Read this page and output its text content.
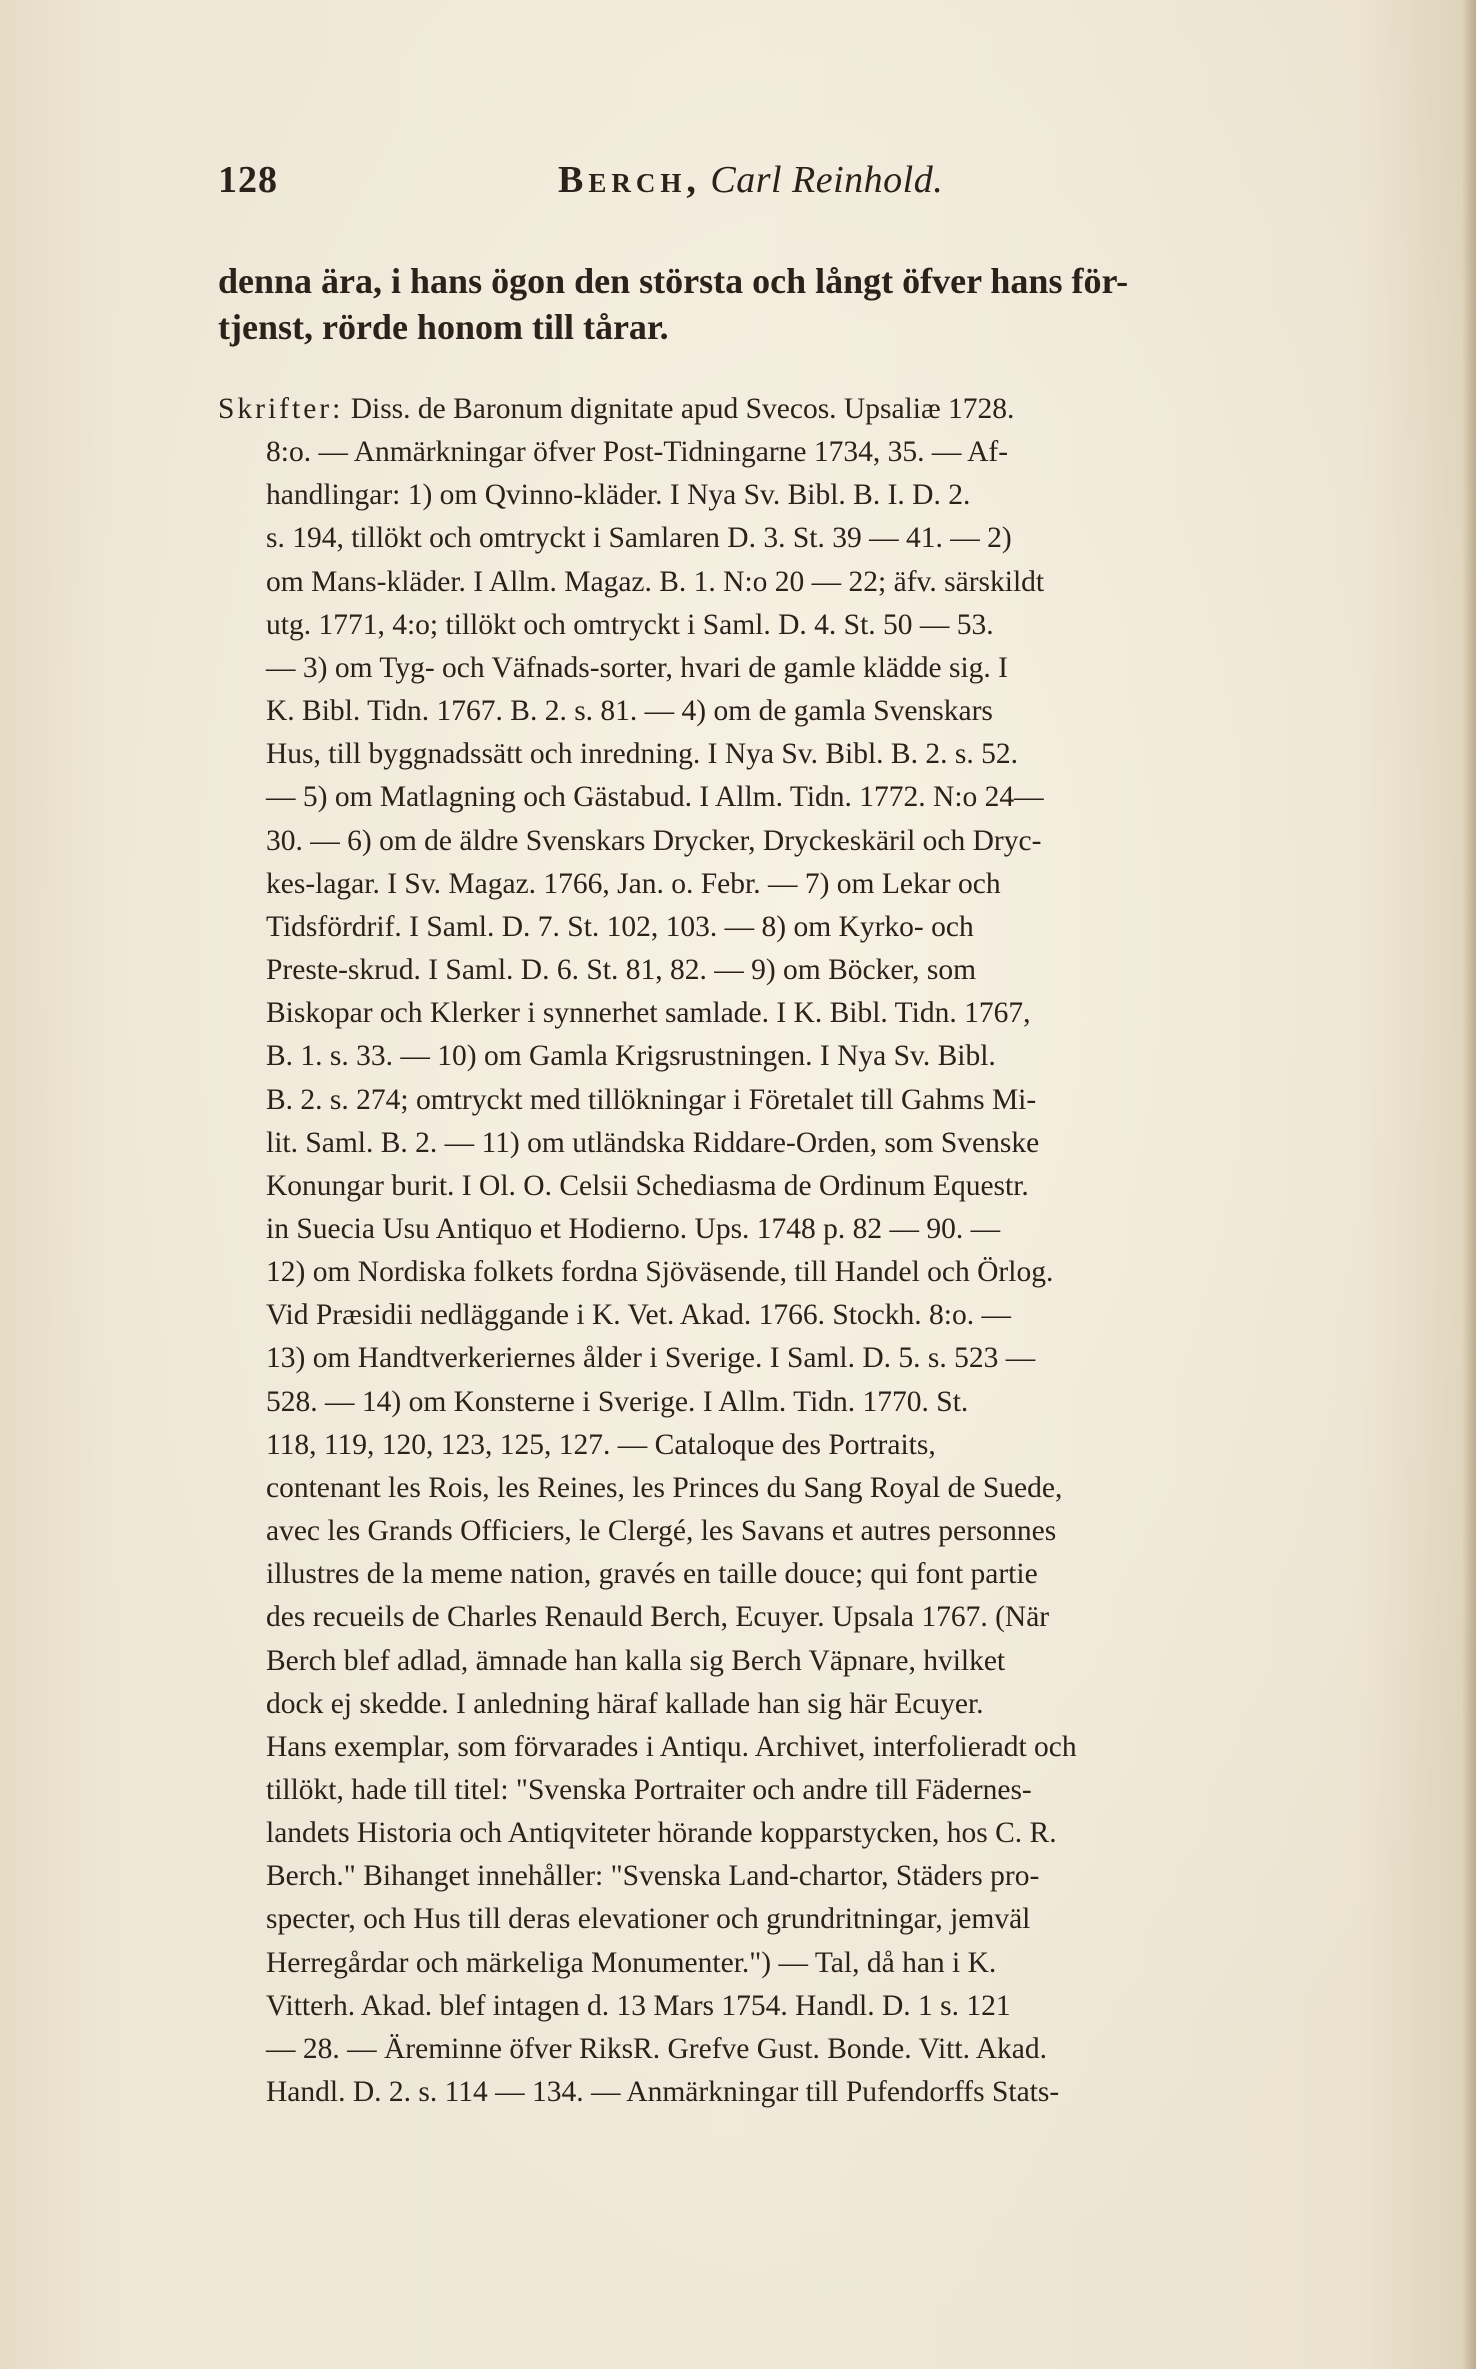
128	Berch, Carl Reinhold.
denna ära, i hans ögon den största och långt öfver hans för-
tjenst, rörde honom till tårar.
Skrifter: Diss. de Baronum dignitate apud Svecos. Upsaliæ 1728.
8:o. — Anmärkningar öfver Post-Tidningarne 1734, 35. — Af-
handlingar: 1) om Qvinno-kläder. I Nya Sv. Bibl. B. I. D. 2.
s. 194, tillökt och omtryckt i Samlaren D. 3. St. 39 — 41. — 2)
om Mans-kläder. I Allm. Magaz. B. 1. N:o 20 — 22; äfv. särskildt
utg. 1771, 4:o; tillökt och omtryckt i Saml. D. 4. St. 50 — 53.
— 3) om Tyg- och Väfnads-sorter, hvari de gamle klädde sig. I
K. Bibl. Tidn. 1767. B. 2. s. 81. — 4) om de gamla Svenskars
Hus, till byggnadssätt och inredning. I Nya Sv. Bibl. B. 2. s. 52.
— 5) om Matlagning och Gästabud. I Allm. Tidn. 1772. N:o 24—
30. — 6) om de äldre Svenskars Drycker, Dryckeskäril och Dryc-
kes-lagar. I Sv. Magaz. 1766, Jan. o. Febr. — 7) om Lekar och
Tidsfördrif. I Saml. D. 7. St. 102, 103. — 8) om Kyrko- och
Preste-skrud. I Saml. D. 6. St. 81, 82. — 9) om Böcker, som
Biskopar och Klerker i synnerhet samlade. I K. Bibl. Tidn. 1767,
B. 1. s. 33. — 10) om Gamla Krigsrustningen. I Nya Sv. Bibl.
B. 2. s. 274; omtryckt med tillökningar i Företalet till Gahms Mi-
lit. Saml. B. 2. — 11) om utländska Riddare-Orden, som Svenske
Konungar burit. I Ol. O. Celsii Schediasma de Ordinum Equestr.
in Suecia Usu Antiquo et Hodierno. Ups. 1748 p. 82 — 90. —
12) om Nordiska folkets fordna Sjöväsende, till Handel och Örlog.
Vid Præsidii nedläggande i K. Vet. Akad. 1766. Stockh. 8:o. —
13) om Handtverkeriernes ålder i Sverige. I Saml. D. 5. s. 523 —
528. — 14) om Konsterne i Sverige. I Allm. Tidn. 1770. St.
118, 119, 120, 123, 125, 127. — Cataloque des Portraits,
contenant les Rois, les Reines, les Princes du Sang Royal de Suede,
avec les Grands Officiers, le Clergé, les Savans et autres personnes
illustres de la meme nation, gravés en taille douce; qui font partie
des recueils de Charles Renauld Berch, Ecuyer. Upsala 1767. (När
Berch blef adlad, ämnade han kalla sig Berch Väpnare, hvilket
dock ej skedde. I anledning häraf kallade han sig här Ecuyer.
Hans exemplar, som förvarades i Antiqu. Archivet, interfolieradt och
tillökt, hade till titel: "Svenska Portraiter och andre till Fädernes-
landets Historia och Antiqviteter hörande kopparstycken, hos C. R.
Berch." Bihanget innehåller: "Svenska Land-chartor, Städers pro-
specter, och Hus till deras elevationer och grundritningar, jemväl
Herregårdar och märkeliga Monumenter.") — Tal, då han i K.
Vitterh. Akad. blef intagen d. 13 Mars 1754. Handl. D. 1 s. 121
— 28. — Äreminne öfver RiksR. Grefve Gust. Bonde. Vitt. Akad.
Handl. D. 2. s. 114 — 134. — Anmärkningar till Pufendorffs Stats-
